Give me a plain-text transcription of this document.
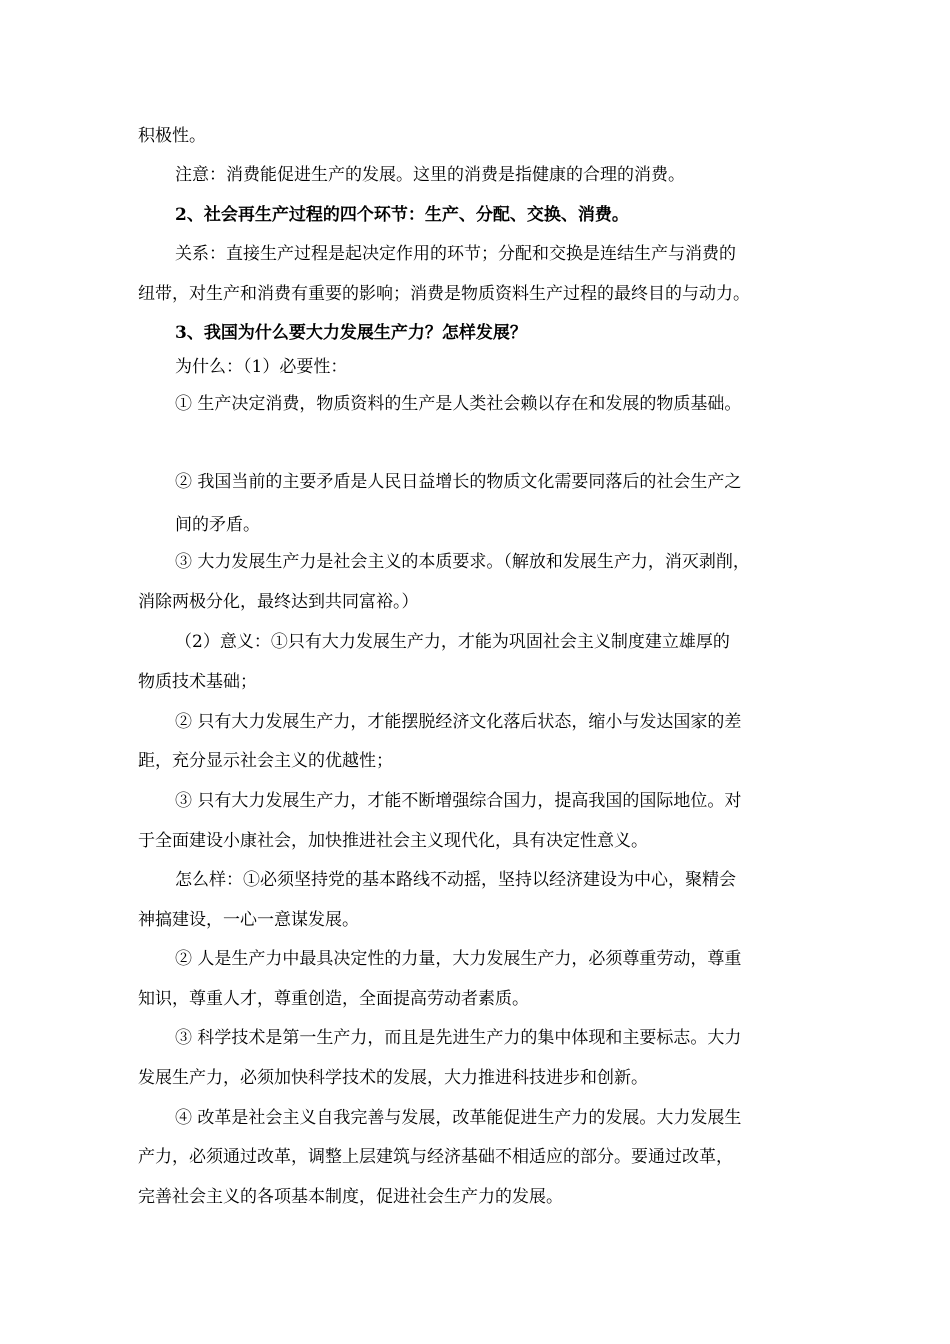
积极性。
注意：消费能促进生产的发展。这里的消费是指健康的合理的消费。
2、社会再生产过程的四个环节：生产、分配、交换、消费。
关系：直接生产过程是起决定作用的环节；分配和交换是连结生产与消费的
纽带，对生产和消费有重要的影响；消费是物质资料生产过程的最终目的与动力。
3、我国为什么要大力发展生产力？怎样发展？
为什么：（1）必要性：
① 生产决定消费，物质资料的生产是人类社会赖以存在和发展的物质基础。
② 我国当前的主要矛盾是人民日益增长的物质文化需要同落后的社会生产之
间的矛盾。
③ 大力发展生产力是社会主义的本质要求。（解放和发展生产力，消灭剥削，
消除两极分化，最终达到共同富裕。）
（2）意义：①只有大力发展生产力，才能为巩固社会主义制度建立雄厚的
物质技术基础；
② 只有大力发展生产力，才能摆脱经济文化落后状态，缩小与发达国家的差
距，充分显示社会主义的优越性；
③ 只有大力发展生产力，才能不断增强综合国力，提高我国的国际地位。对
于全面建设小康社会，加快推进社会主义现代化，具有决定性意义。
怎么样：①必须坚持党的基本路线不动摇，坚持以经济建设为中心，聚精会
神搞建设，一心一意谋发展。
② 人是生产力中最具决定性的力量，大力发展生产力，必须尊重劳动，尊重
知识，尊重人才，尊重创造，全面提高劳动者素质。
③ 科学技术是第一生产力，而且是先进生产力的集中体现和主要标志。大力
发展生产力，必须加快科学技术的发展，大力推进科技进步和创新。
④ 改革是社会主义自我完善与发展，改革能促进生产力的发展。大力发展生
产力，必须通过改革，调整上层建筑与经济基础不相适应的部分。要通过改革，
完善社会主义的各项基本制度，促进社会生产力的发展。
